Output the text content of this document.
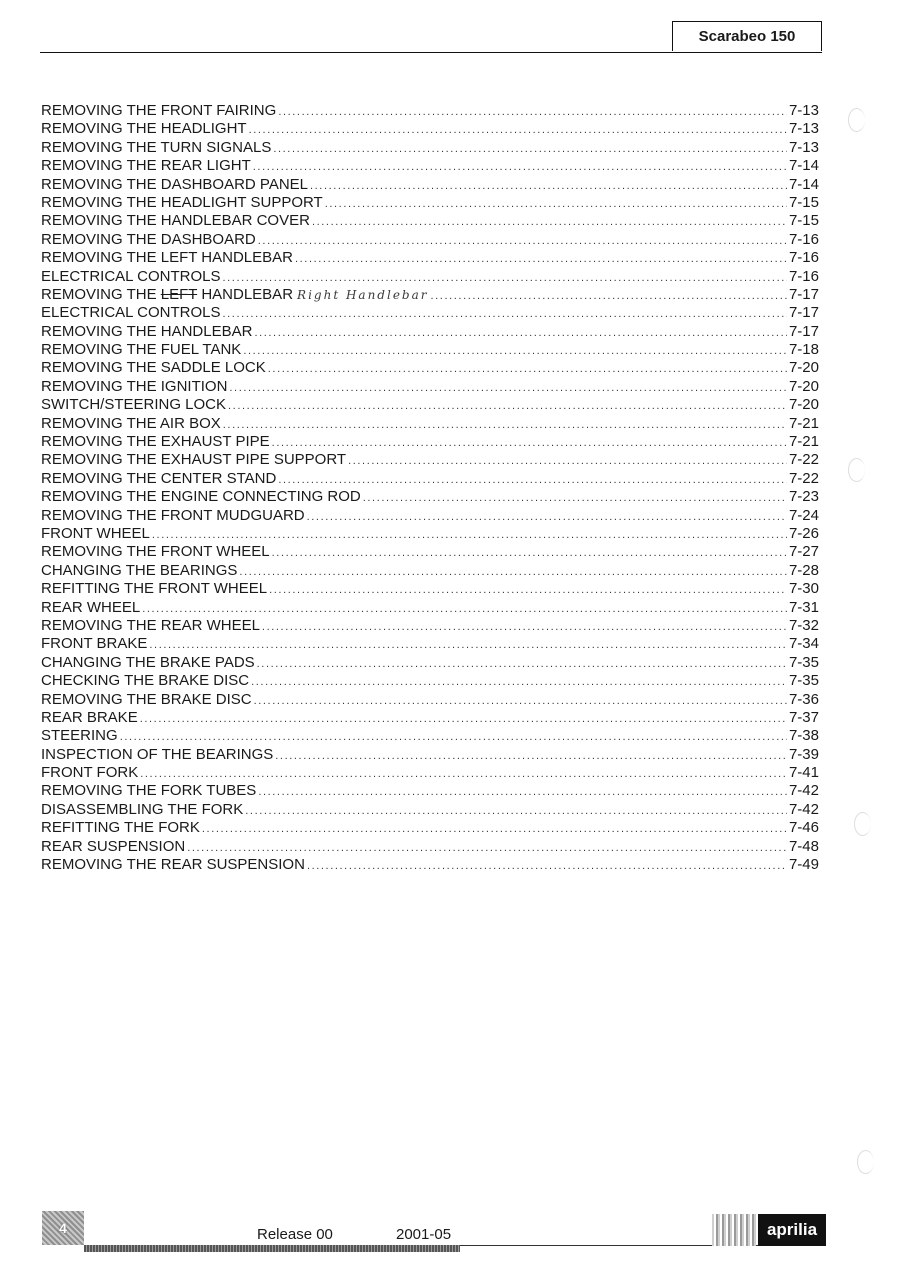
Scarabeo 150
REMOVING THE FRONT FAIRING .....	7-13
REMOVING THE HEADLIGHT .....	7-13
REMOVING THE TURN SIGNALS .....	7-13
REMOVING THE REAR LIGHT .....	7-14
REMOVING THE DASHBOARD PANEL .....	7-14
REMOVING THE HEADLIGHT SUPPORT .....	7-15
REMOVING THE HANDLEBAR COVER .....	7-15
REMOVING THE DASHBOARD .....	7-16
REMOVING THE LEFT HANDLEBAR .....	7-16
ELECTRICAL CONTROLS .....	7-16
REMOVING THE LEFT HANDLEBAR Right Handlebar .....	7-17
ELECTRICAL CONTROLS .....	7-17
REMOVING THE HANDLEBAR .....	7-17
REMOVING THE FUEL TANK .....	7-18
REMOVING THE SADDLE LOCK .....	7-20
REMOVING THE IGNITION .....	7-20
SWITCH/STEERING LOCK .....	7-20
REMOVING THE AIR BOX .....	7-21
REMOVING THE EXHAUST PIPE .....	7-21
REMOVING THE EXHAUST PIPE SUPPORT .....	7-22
REMOVING THE CENTER STAND .....	7-22
REMOVING THE ENGINE CONNECTING ROD .....	7-23
REMOVING THE FRONT MUDGUARD .....	7-24
FRONT WHEEL .....	7-26
REMOVING THE FRONT WHEEL .....	7-27
CHANGING THE BEARINGS .....	7-28
REFITTING THE FRONT WHEEL .....	7-30
REAR WHEEL .....	7-31
REMOVING THE REAR WHEEL .....	7-32
FRONT BRAKE .....	7-34
CHANGING THE BRAKE PADS .....	7-35
CHECKING THE BRAKE DISC .....	7-35
REMOVING THE BRAKE DISC .....	7-36
REAR BRAKE .....	7-37
STEERING .....	7-38
INSPECTION OF THE BEARINGS .....	7-39
FRONT FORK .....	7-41
REMOVING THE FORK TUBES .....	7-42
DISASSEMBLING THE FORK .....	7-42
REFITTING THE FORK .....	7-46
REAR SUSPENSION .....	7-48
REMOVING THE REAR SUSPENSION .....	7-49
4	Release 00	2001-05	aprilia
